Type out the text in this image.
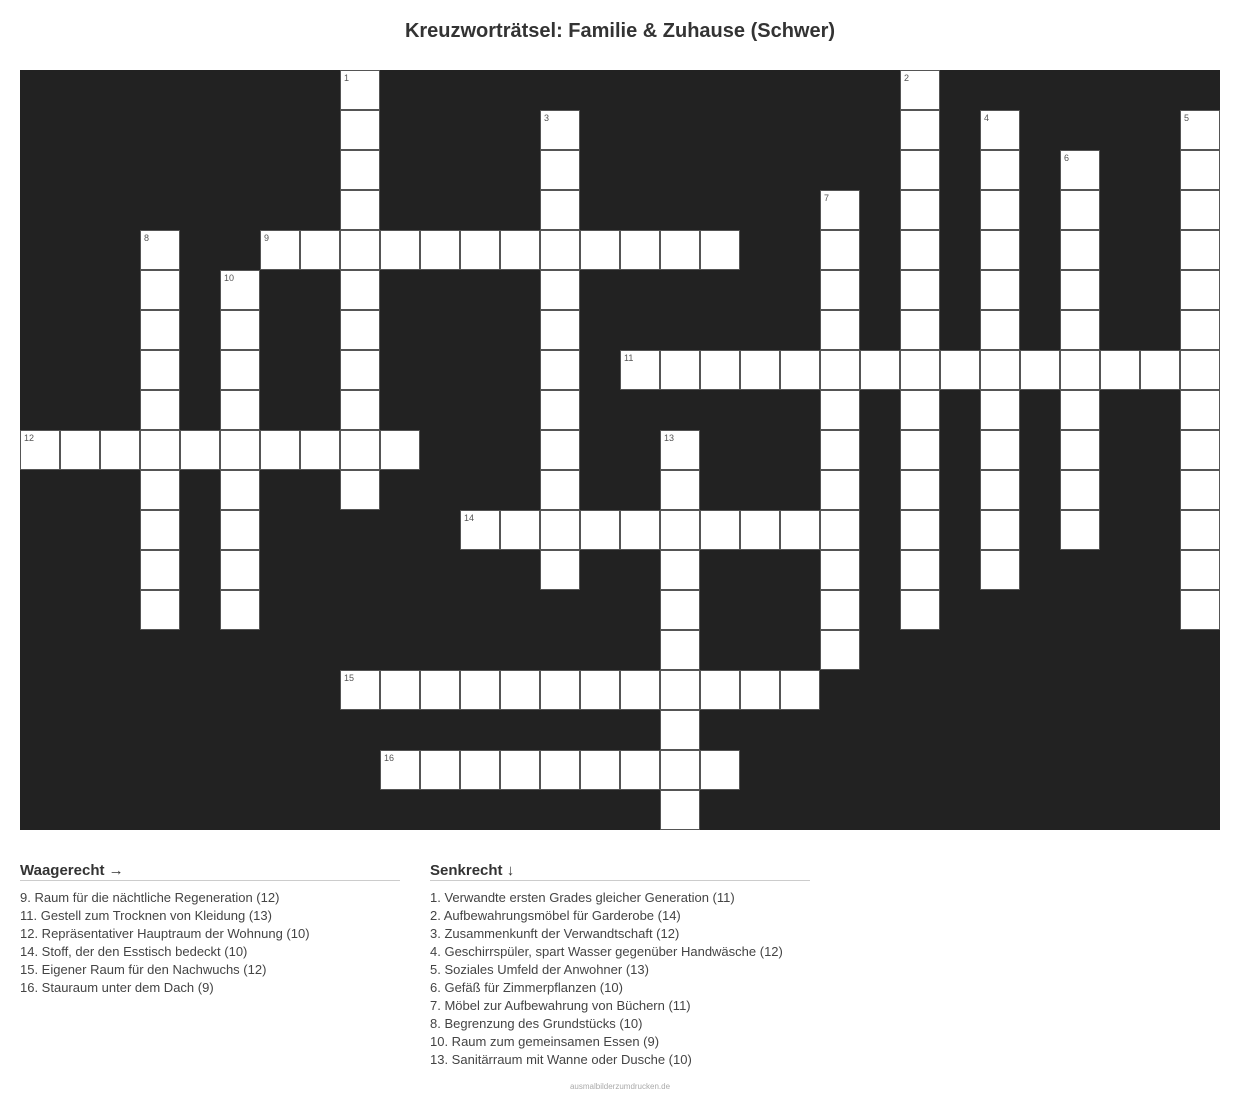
Kreuzworträtsel: Familie & Zuhause (Schwer)
1	2
3	4	5
6
7
8	9
10
11
12	13
14
15
16
Waagerecht →
9. Raum für die nächtliche Regeneration (12)
11. Gestell zum Trocknen von Kleidung (13)
12. Repräsentativer Hauptraum der Wohnung (10)
14. Stoff, der den Esstisch bedeckt (10)
15. Eigener Raum für den Nachwuchs (12)
16. Stauraum unter dem Dach (9)
Senkrecht ↓
1. Verwandte ersten Grades gleicher Generation (11)
2. Aufbewahrungsmöbel für Garderobe (14)
3. Zusammenkunft der Verwandtschaft (12)
4. Geschirrspüler, spart Wasser gegenüber Handwäsche (12)
5. Soziales Umfeld der Anwohner (13)
6. Gefäß für Zimmerpflanzen (10)
7. Möbel zur Aufbewahrung von Büchern (11)
8. Begrenzung des Grundstücks (10)
10. Raum zum gemeinsamen Essen (9)
13. Sanitärraum mit Wanne oder Dusche (10)
ausmalbilderzumdrucken.de
